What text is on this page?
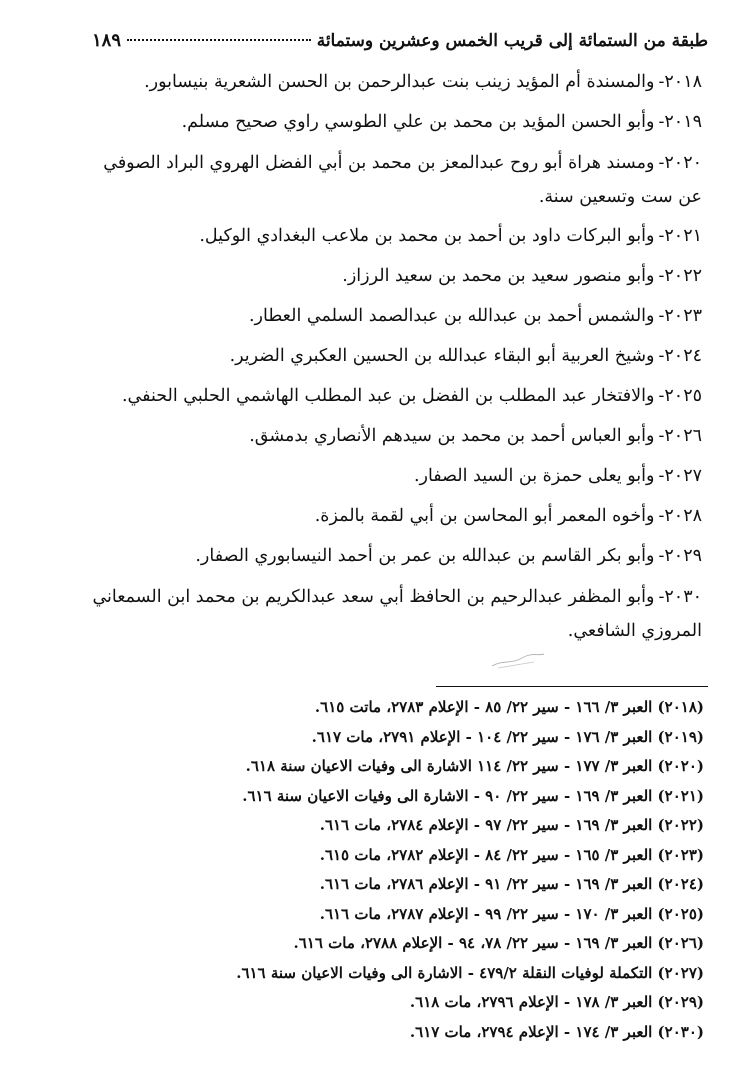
طبقة من الستمائة إلى قريب الخمس وعشرين وستمائة
١٨٩

٢٠١٨-والمسندة أم المؤيد زينب بنت عبدالرحمن بن الحسن الشعرية بنيسابور.

٢٠١٩-وأبو الحسن المؤيد بن محمد بن علي الطوسي راوي صحيح مسلم.

٢٠٢٠-ومسند هراة أبو روح عبدالمعز بن محمد بن أبي الفضل الهروي البراد الصوفي عن ست وتسعين سنة.

٢٠٢١-وأبو البركات داود بن أحمد بن محمد بن ملاعب البغدادي الوكيل.

٢٠٢٢-وأبو منصور سعيد بن محمد بن سعيد الرزاز.

٢٠٢٣-والشمس أحمد بن عبدالله بن عبدالصمد السلمي العطار.

٢٠٢٤-وشيخ العربية أبو البقاء عبدالله بن الحسين العكبري الضرير.

٢٠٢٥-والافتخار عبد المطلب بن الفضل بن عبد المطلب الهاشمي الحلبي الحنفي.

٢٠٢٦-وأبو العباس أحمد بن محمد بن سيدهم الأنصاري بدمشق.

٢٠٢٧-وأبو يعلى حمزة بن السيد الصفار.

٢٠٢٨-وأخوه المعمر أبو المحاسن بن أبي لقمة بالمزة.

٢٠٢٩-وأبو بكر القاسم بن عبدالله بن عمر بن أحمد النيسابوري الصفار.

٢٠٣٠-وأبو المظفر عبدالرحيم بن الحافظ أبي سعد عبدالكريم بن محمد ابن السمعاني المروزي الشافعي.

(٢٠١٨) العبر ٣/ ١٦٦ - سير ٢٢/ ٨٥ - الإعلام ٢٧٨٣، ماتت ٦١٥.

(٢٠١٩) العبر ٣/ ١٧٦ - سير ٢٢/ ١٠٤ - الإعلام ٢٧٩١، مات ٦١٧.

(٢٠٢٠) العبر ٣/ ١٧٧ - سير ٢٢/ ١١٤ الاشارة الى وفيات الاعيان سنة ٦١٨.

(٢٠٢١) العبر ٣/ ١٦٩ - سير ٢٢/ ٩٠ - الاشارة الى وفيات الاعيان سنة ٦١٦.

(٢٠٢٢) العبر ٣/ ١٦٩ - سير ٢٢/ ٩٧ - الإعلام ٢٧٨٤، مات ٦١٦.

(٢٠٢٣) العبر ٣/ ١٦٥ - سير ٢٢/ ٨٤ - الإعلام ٢٧٨٢، مات ٦١٥.

(٢٠٢٤) العبر ٣/ ١٦٩ - سير ٢٢/ ٩١ - الإعلام ٢٧٨٦، مات ٦١٦.

(٢٠٢٥) العبر ٣/ ١٧٠ - سير ٢٢/ ٩٩ - الإعلام ٢٧٨٧، مات ٦١٦.

(٢٠٢٦) العبر ٣/ ١٦٩ - سير ٢٢/ ٧٨، ٩٤ - الإعلام ٢٧٨٨، مات ٦١٦.

(٢٠٢٧) التكملة لوفيات النقلة ٤٧٩/٢ - الاشارة الى وفيات الاعيان سنة ٦١٦.

(٢٠٢٩) العبر ٣/ ١٧٨ - الإعلام ٢٧٩٦، مات ٦١٨.

(٢٠٣٠) العبر ٣/ ١٧٤ - الإعلام ٢٧٩٤، مات ٦١٧.
